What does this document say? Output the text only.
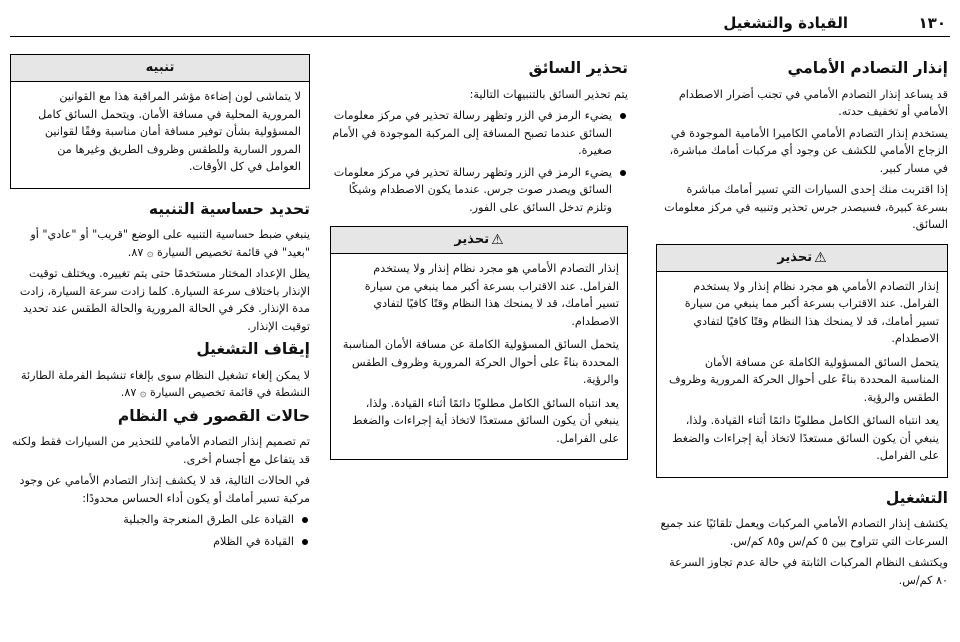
القيادة والتشغيل	١٣٠
إنذار التصادم الأمامي
قد يساعد إنذار التصادم الأمامي في تجنب أضرار الاصطدام الأمامي أو تخفيف حدته.
يستخدم إنذار التصادم الأمامي الكاميرا الأمامية الموجودة في الزجاج الأمامي للكشف عن وجود أي مركبات أمامك مباشرة، في مسار كبير.
إذا اقتربت منك إحدى السيارات التي تسير أمامك مباشرة بسرعة كبيرة، فسيصدر جرس تحذير وتنبيه في مركز معلومات السائق.
⚠تحذير
إنذار التصادم الأمامي هو مجرد نظام إنذار ولا يستخدم الفرامل. عند الاقتراب بسرعة أكبر مما ينبغي من سيارة تسير أمامك، قد لا يمنحك هذا النظام وقتًا كافيًا لتفادي الاصطدام.
يتحمل السائق المسؤولية الكاملة عن مسافة الأمان المناسبة المحددة بناءً على أحوال الحركة المرورية وظروف الطقس والرؤية.
يعد انتباه السائق الكامل مطلوبًا دائمًا أثناء القيادة. ولذا، ينبغي أن يكون السائق مستعدًا لاتخاذ أية إجراءات والضغط على الفرامل.
التشغيل
يكتشف إنذار التصادم الأمامي المركبات ويعمل تلقائيًا عند جميع السرعات التي تتراوح بين ٥ كم/س و٨٥ كم/س.
ويكتشف النظام المركبات الثابتة في حالة عدم تجاوز السرعة ٨٠ كم/س.
تحذير السائق
يتم تحذير السائق بالتنبيهات التالية:
يضيء الرمز في الزر وتظهر رسالة تحذير في مركز معلومات السائق عندما تصبح المسافة إلى المركبة الموجودة في الأمام صغيرة.
يضيء الرمز في الزر وتظهر رسالة تحذير في مركز معلومات السائق ويصدر صوت جرس. عندما يكون الاصطدام وشيكًا وتلزم تدخل السائق على الفور.
⚠تحذير
إنذار التصادم الأمامي هو مجرد نظام إنذار ولا يستخدم الفرامل. عند الاقتراب بسرعة أكبر مما ينبغي من سيارة تسير أمامك، قد لا يمنحك هذا النظام وقتًا كافيًا لتفادي الاصطدام.
يتحمل السائق المسؤولية الكاملة عن مسافة الأمان المناسبة المحددة بناءً على أحوال الحركة المرورية وظروف الطقس والرؤية.
يعد انتباه السائق الكامل مطلوبًا دائمًا أثناء القيادة. ولذا، ينبغي أن يكون السائق مستعدًا لاتخاذ أية إجراءات والضغط على الفرامل.
تنبيه
لا يتماشى لون إضاءة مؤشر المراقبة هذا مع القوانين المرورية المحلية في مسافة الأمان. ويتحمل السائق كامل المسؤولية بشأن توفير مسافة أمان مناسبة وفقًا لقوانين المرور السارية وللطقس وظروف الطريق وغيرها من العوامل في كل الأوقات.
تحديد حساسية التنبيه
ينبغي ضبط حساسية التنبيه على الوضع "قريب" أو "عادي" أو "بعيد" في قائمة تخصيص السيارة ۞ ٨٧.
يظل الإعداد المختار مستخدمًا حتى يتم تغييره. ويختلف توقيت الإنذار باختلاف سرعة السيارة. كلما زادت سرعة السيارة، زادت مدة الإنذار. فكر في الحالة المرورية والحالة الطقس عند تحديد توقيت الإنذار.
إيقاف التشغيل
لا يمكن إلغاء تشغيل النظام سوى بإلغاء تنشيط الفرملة الطارئة النشطة في قائمة تخصيص السيارة ۞ ٨٧.
حالات القصور في النظام
تم تصميم إنذار التصادم الأمامي للتحذير من السيارات فقط ولكنه قد يتفاعل مع أجسام أخرى.
في الحالات التالية، قد لا يكشف إنذار التصادم الأمامي عن وجود مركبة تسير أمامك أو يكون أداء الحساس محدودًا:
القيادة على الطرق المنعرجة والجبلية
القيادة في الظلام
